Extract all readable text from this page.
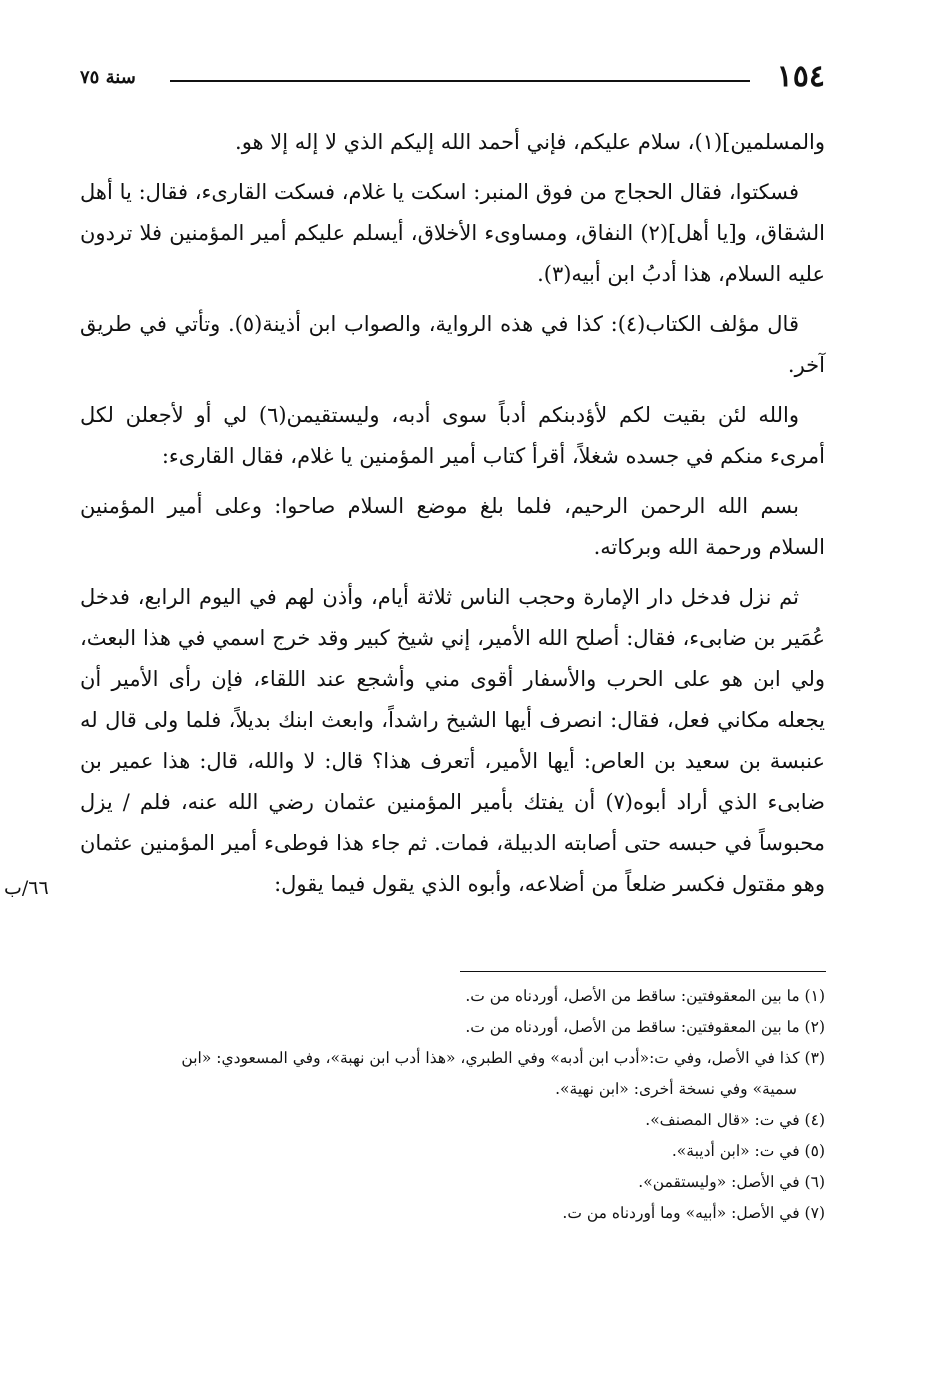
١٥٤
سنة ٧٥

والمسلمين](١)، سلام عليكم، فإني أحمد الله إليكم الذي لا إله إلا هو.

فسكتوا، فقال الحجاج من فوق المنبر: اسكت يا غلام، فسكت القارىء، فقال: يا أهل الشقاق، و[يا أهل](٢) النفاق، ومساوىء الأخلاق، أيسلم عليكم أمير المؤمنين فلا تردون عليه السلام، هذا أدبُ ابن أبيه(٣).

قال مؤلف الكتاب(٤): كذا في هذه الرواية، والصواب ابن أذينة(٥). وتأتي في طريق آخر.

والله لئن بقيت لكم لأؤدبنكم أدباً سوى أدبه، وليستقيمن(٦) لي أو لأجعلن لكل أمرىء منكم في جسده شغلاً، أقرأ كتاب أمير المؤمنين يا غلام، فقال القارىء:

بسم الله الرحمن الرحيم، فلما بلغ موضع السلام صاحوا: وعلى أمير المؤمنين السلام ورحمة الله وبركاته.

ثم نزل فدخل دار الإمارة وحجب الناس ثلاثة أيام، وأذن لهم في اليوم الرابع، فدخل عُمَير بن ضابىء، فقال: أصلح الله الأمير، إني شيخ كبير وقد خرج اسمي في هذا البعث، ولي ابن هو على الحرب والأسفار أقوى مني وأشجع عند اللقاء، فإن رأى الأمير أن يجعله مكاني فعل، فقال: انصرف أيها الشيخ راشداً، وابعث ابنك بديلاً، فلما ولى قال له عنبسة بن سعيد بن العاص: أيها الأمير، أتعرف هذا؟ قال: لا والله، قال: هذا عمير بن ضابىء الذي أراد أبوه(٧) أن يفتك بأمير المؤمنين عثمان رضي الله عنه، فلم / يزل محبوساً في حبسه حتى أصابته الدبيلة، فمات. ثم جاء هذا فوطىء أمير المؤمنين عثمان وهو مقتول فكسر ضلعاً من أضلاعه، وأبوه الذي يقول فيما يقول:

٦٦/ب
(١) ما بين المعقوفتين: ساقط من الأصل، أوردناه من ت.
(٢) ما بين المعقوفتين: ساقط من الأصل، أوردناه من ت.
(٣) كذا في الأصل، وفي ت:«أدب ابن أدبه» وفي الطبري، «هذا أدب ابن نهبة»، وفي المسعودي: «ابن
سمية» وفي نسخة أخرى: «ابن نهية».
(٤) في ت: «قال المصنف».
(٥) في ت: «ابن أديبة».
(٦) في الأصل: «وليستقمن».
(٧) في الأصل: «أبيه» وما أوردناه من ت.
